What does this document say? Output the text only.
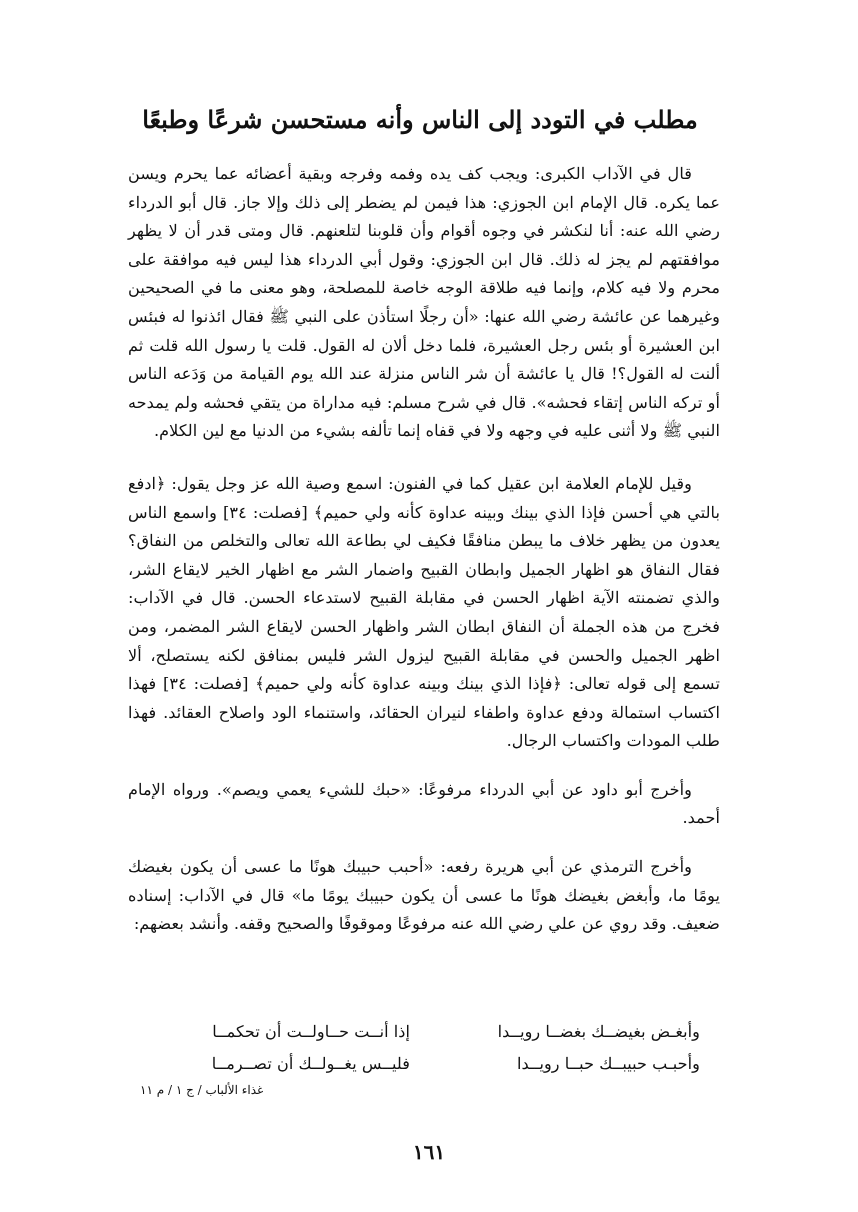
مطلب في التودد إلى الناس وأنه مستحسن شرعًا وطبعًا

قال في الآداب الكبرى: ويجب كف يده وفمه وفرجه وبقية أعضائه عما يحرم ويسن عما يكره. قال الإمام ابن الجوزي: هذا فيمن لم يضطر إلى ذلك وإلا جاز. قال أبو الدرداء رضي الله عنه: أنا لنكشر في وجوه أقوام وأن قلوبنا لتلعنهم. قال ومتى قدر أن لا يظهر موافقتهم لم يجز له ذلك. قال ابن الجوزي: وقول أبي الدرداء هذا ليس فيه موافقة على محرم ولا فيه كلام، وإنما فيه طلاقة الوجه خاصة للمصلحة، وهو معنى ما في الصحيحين وغيرهما عن عائشة رضي الله عنها: «أن رجلًا استأذن على النبي ﷺ فقال ائذنوا له فبئس ابن العشيرة أو بئس رجل العشيرة، فلما دخل ألان له القول. قلت يا رسول الله قلت ثم ألنت له القول؟! قال يا عائشة أن شر الناس منزلة عند الله يوم القيامة من وَدَعه الناس أو تركه الناس إتقاء فحشه». قال في شرح مسلم: فيه مداراة من يتقي فحشه ولم يمدحه النبي ﷺ ولا أثنى عليه في وجهه ولا في قفاه إنما تألفه بشيء من الدنيا مع لين الكلام.

وقيل للإمام العلامة ابن عقيل كما في الفنون: اسمع وصية الله عز وجل يقول: ﴿ادفع بالتي هي أحسن فإذا الذي بينك وبينه عداوة كأنه ولي حميم﴾ [فصلت: ٣٤] واسمع الناس يعدون من يظهر خلاف ما يبطن منافقًا فكيف لي بطاعة الله تعالى والتخلص من النفاق؟ فقال النفاق هو اظهار الجميل وابطان القبيح واضمار الشر مع اظهار الخير لايقاع الشر، والذي تضمنته الآية اظهار الحسن في مقابلة القبيح لاستدعاء الحسن. قال في الآداب: فخرج من هذه الجملة أن النفاق ابطان الشر واظهار الحسن لايقاع الشر المضمر، ومن اظهر الجميل والحسن في مقابلة القبيح ليزول الشر فليس بمنافق لكنه يستصلح، ألا تسمع إلى قوله تعالى: ﴿فإذا الذي بينك وبينه عداوة كأنه ولي حميم﴾ [فصلت: ٣٤] فهذا اكتساب استمالة ودفع عداوة واطفاء لنيران الحقائد، واستنماء الود واصلاح العقائد. فهذا طلب المودات واكتساب الرجال.

وأخرج أبو داود عن أبي الدرداء مرفوعًا: «حبك للشيء يعمي ويصم». ورواه الإمام أحمد.

وأخرج الترمذي عن أبي هريرة رفعه: «أحبب حبيبك هونًا ما عسى أن يكون بغيضك يومًا ما، وأبغض بغيضك هونًا ما عسى أن يكون حبيبك يومًا ما» قال في الآداب: إسناده ضعيف. وقد روي عن علي رضي الله عنه مرفوعًا وموقوفًا والصحيح وقفه. وأنشد بعضهم:

وأبغـض بغيضــك بغضــا رويــدا
إذا أنــت حــاولــت أن تحكمــا
وأحبـب حبيبــك حبــا رويــدا
فليــس يغــولــك أن تصــرمــا
غذاء الألباب / ج ١ / م ١١
١٦١
